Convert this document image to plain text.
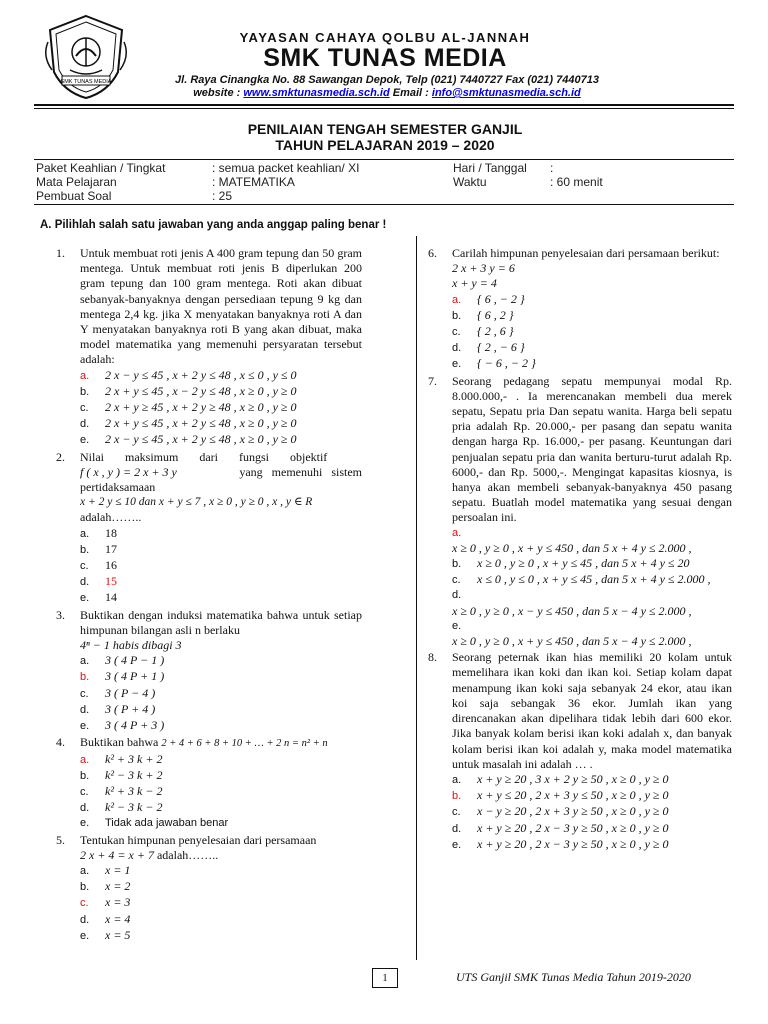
SMK TUNAS MEDIA
YAYASAN CAHAYA QOLBU AL-JANNAH
SMK TUNAS MEDIA
Jl. Raya Cinangka No. 88 Sawangan Depok, Telp (021) 7440727 Fax (021) 7440713
website : www.smktunasmedia.sch.id Email : info@smktunasmedia.sch.id
PENILAIAN TENGAH SEMESTER GANJIL
TAHUN PELAJARAN 2019 – 2020
Paket Keahlian / Tingkat	: semua packet keahlian/ XI	Hari / Tanggal :
Mata Pelajaran	: MATEMATIKA	Waktu	: 60 menit
Pembuat Soal	: 25
A. Pilihlah salah satu jawaban yang anda anggap paling benar !
1. Untuk membuat roti jenis A 400 gram tepung dan 50 gram mentega. Untuk membuat roti jenis B diperlukan 200 gram tepung dan 100 gram mentega. Roti akan dibuat sebanyak-banyaknya dengan persediaan tepung 9 kg dan mentega 2,4 kg. jika X menyatakan banyaknya roti A dan Y menyatakan banyaknya roti B yang akan dibuat, maka model matematika yang memenuhi persyaratan tersebut adalah:
a.	2 x − y ≤ 45 , x + 2 y ≤ 48 , x ≤ 0 , y ≤ 0
b.	2 x + y ≤ 45 , x − 2 y ≤ 48 , x ≥ 0 , y ≥ 0
c.	2 x + y ≥ 45 , x + 2 y ≥ 48 , x ≥ 0 , y ≥ 0
d.	2 x + y ≤ 45 , x + 2 y ≤ 48 , x ≥ 0 , y ≥ 0
e.	2 x − y ≤ 45 , x + 2 y ≤ 48 , x ≥ 0 , y ≥ 0
2. Nilai       maksimum       dari       fungsi       objektif
f ( x , y ) = 2 x + 3 y	yang   memenuhi   sistem
pertidaksamaan
x + 2 y ≤ 10 dan x + y ≤ 7 , x ≥ 0 , y ≥ 0 , x , y ∈ R
adalah……..
a.	18
b.	17
c.	16
d.	15
e.	14
3. Buktikan dengan induksi matematika bahwa untuk setiap himpunan bilangan asli n berlaku
4ⁿ − 1 habis dibagi 3
a.	3 ( 4 P − 1 )
b.	3 ( 4 P + 1 )
c.	3 ( P − 4 )
d.	3 ( P + 4 )
e.	3 ( 4 P + 3 )
4. Buktikan bahwa 2 + 4 + 6 + 8 + 10 + … + 2 n = n² + n
a.	k² + 3 k + 2
b.	k² − 3 k + 2
c.	k² + 3 k − 2
d.	k² − 3 k − 2
e.	Tidak ada jawaban benar
5. Tentukan himpunan penyelesaian dari persamaan
2 x + 4 = x + 7 adalah……..
a.	x = 1
b.	x = 2
c.	x = 3
d.	x = 4
e.	x = 5
6. Carilah himpunan penyelesaian dari persamaan berikut:
2 x + 3 y = 6
x + y = 4
a.	{ 6 , − 2 }
b.	{ 6 , 2 }
c.	{ 2 , 6 }
d.	{ 2 , − 6 }
e.	{ − 6 , − 2 }
7. Seorang pedagang sepatu mempunyai modal Rp. 8.000.000,- . Ia merencanakan membeli dua merek sepatu, Sepatu pria Dan sepatu wanita. Harga beli sepatu pria adalah Rp. 20.000,- per pasang dan sepatu wanita dengan harga Rp. 16.000,- per pasang. Keuntungan dari penjualan sepatu pria dan wanita berturu-turut adalah Rp. 6000,- dan Rp. 5000,-. Mengingat kapasitas kiosnya, is hanya akan membeli sebanyak-banyaknya 450 pasang sepatu. Buatlah model matematika yang sesuai dengan persoalan ini.
a.
x ≥ 0 , y ≥ 0 , x + y ≤ 450 , dan 5 x + 4 y ≤ 2.000 ,
b.	x ≥ 0 , y ≥ 0 , x + y ≤ 45 , dan 5 x + 4 y ≤ 20
c.	x ≤ 0 , y ≤ 0 , x + y ≤ 45 , dan 5 x + 4 y ≤ 2.000 ,
d.
x ≥ 0 , y ≥ 0 , x − y ≤ 450 , dan 5 x − 4 y ≤ 2.000 ,
e.
x ≥ 0 , y ≥ 0 , x + y ≤ 450 , dan 5 x − 4 y ≤ 2.000 ,
8. Seorang peternak ikan hias memiliki 20 kolam untuk memelihara ikan koki dan ikan koi. Setiap kolam dapat menampung ikan koki saja sebanyak 24 ekor, atau ikan koi saja sebangak 36 ekor. Jumlah ikan yang direncanakan akan dipelihara tidak lebih dari 600 ekor. Jika banyak kolam berisi ikan koki adalah x, dan banyak kolam berisi ikan koi adalah y, maka model matematika untuk masalah ini adalah … .
a.	x + y ≥ 20 , 3 x + 2 y ≥ 50 , x ≥ 0 , y ≥ 0
b.	x + y ≤ 20 , 2 x + 3 y ≤ 50 , x ≥ 0 , y ≥ 0
c.	x − y ≥ 20 , 2 x + 3 y ≥ 50 , x ≥ 0 , y ≥ 0
d.	x + y ≥ 20 , 2 x − 3 y ≥ 50 , x ≥ 0 , y ≥ 0
e.	x + y ≥ 20 , 2 x − 3 y ≥ 50 , x ≥ 0 , y ≥ 0
1	UTS Ganjil SMK Tunas Media Tahun 2019-2020
